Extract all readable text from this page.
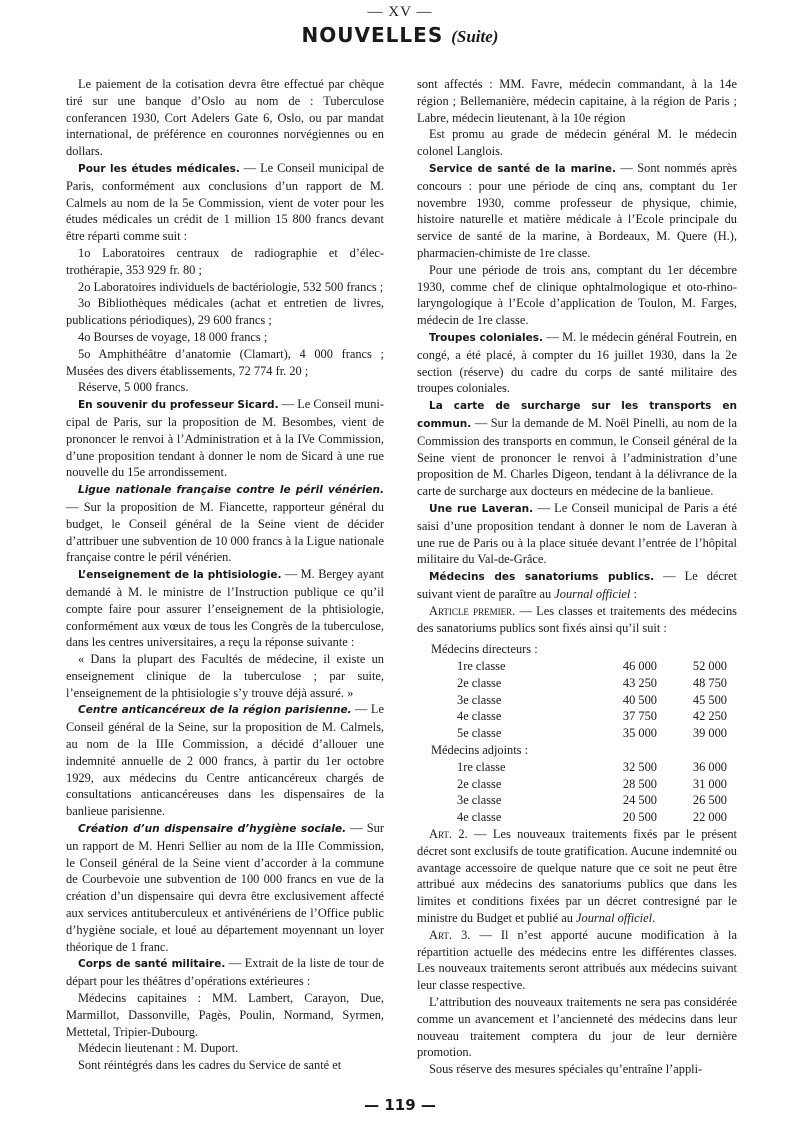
— XV —
NOUVELLES (Suite)

Le paiement de la cotisation devra être effectué par chèque tiré sur une banque d’Oslo au nom de : Tuberculose conferancen 1930, Cort Adelers Gate 6, Oslo, ou par mandat international, de préférence en couronnes norvégiennes ou en dollars.

Pour les études médicales. — Le Conseil municipal de Paris, conformément aux conclusions d’un rapport de M. Calmels au nom de la 5e Commission, vient de voter pour les études médicales un crédit de 1 million 15 800 francs devant être réparti comme suit :

1o Laboratoires centraux de radiographie et d’électrothérapie, 353 929 fr. 80 ;

2o Laboratoires individuels de bactériologie, 532 500 francs ;

3o Bibliothèques médicales (achat et entretien de livres, publications périodiques), 29 600 francs ;

4o Bourses de voyage, 18 000 francs ;

5o Amphithéâtre d’anatomie (Clamart), 4 000 francs ; Musées des divers établissements, 72 774 fr. 20 ;

Réserve, 5 000 francs.

En souvenir du professeur Sicard. — Le Conseil municipal de Paris, sur la proposition de M. Besombes, vient de prononcer le renvoi à l’Administration et à la IVe Commission, d’une proposition tendant à donner le nom de Sicard à une rue nouvelle du 15e arrondissement.

Ligue nationale française contre le péril vénérien. — Sur la proposition de M. Fiancette, rapporteur général du budget, le Conseil général de la Seine vient de décider d’attribuer une subvention de 10 000 francs à la Ligue nationale française contre le péril vénérien.

L’enseignement de la phtisiologie. — M. Bergey ayant demandé à M. le ministre de l’Instruction publique ce qu’il compte faire pour assurer l’enseignement de la phtisiologie, conformément aux vœux de tous les Congrès de la tuberculose, dans les centres universitaires, a reçu la réponse suivante :

« Dans la plupart des Facultés de médecine, il existe un enseignement clinique de la tuberculose ; par suite, l’enseignement de la phtisiologie s’y trouve déjà assuré. »

Centre anticancéreux de la région parisienne. — Le Conseil général de la Seine, sur la proposition de M. Calmels, au nom de la IIIe Commission, a décidé d’allouer une indemnité annuelle de 2 000 francs, à partir du 1er octobre 1929, aux médecins du Centre anticancéreux chargés de consultations anticancéreuses dans les dispensaires de la banlieue parisienne.

Création d’un dispensaire d’hygiène sociale. — Sur un rapport de M. Henri Sellier au nom de la IIIe Commission, le Conseil général de la Seine vient d’accorder à la commune de Courbevoie une subvention de 100 000 francs en vue de la création d’un dispensaire qui devra être exclusivement affecté aux services antituberculeux et antivénériens de l’Office public d’hygiène sociale, et loué au département moyennant un loyer théorique de 1 franc.

Corps de santé militaire. — Extrait de la liste de tour de départ pour les théâtres d’opérations extérieures :

Médecins capitaines : MM. Lambert, Carayon, Due, Marmillot, Dassonville, Pagès, Poulin, Normand, Syrmen, Mettetal, Tripier-Dubourg.

Médecin lieutenant : M. Duport.

Sont réintégrés dans les cadres du Service de santé et

sont affectés : MM. Favre, médecin commandant, à la 14e région ; Bellemanière, médecin capitaine, à la région de Paris ; Labre, médecin lieutenant, à la 10e région

Est promu au grade de médecin général M. le médecin colonel Langlois.

Service de santé de la marine. — Sont nommés après concours : pour une période de cinq ans, comptant du 1er novembre 1930, comme professeur de physique, chimie, histoire naturelle et matière médicale à l’Ecole principale du service de santé de la marine, à Bordeaux, M. Quere (H.), pharmacien-chimiste de 1re classe.

Pour une période de trois ans, comptant du 1er décembre 1930, comme chef de clinique ophtalmologique et oto-rhino-laryngologique à l’Ecole d’application de Toulon, M. Farges, médecin de 1re classe.

Troupes coloniales. — M. le médecin général Foutrein, en congé, a été placé, à compter du 16 juillet 1930, dans la 2e section (réserve) du cadre du corps de santé militaire des troupes coloniales.

La carte de surcharge sur les transports en commun. — Sur la demande de M. Noël Pinelli, au nom de la Commission des transports en commun, le Conseil général de la Seine vient de prononcer le renvoi à l’administration d’une proposition de M. Charles Digeon, tendant à la délivrance de la carte de surcharge aux docteurs en médecine de la banlieue.

Une rue Laveran. — Le Conseil municipal de Paris a été saisi d’une proposition tendant à donner le nom de Laveran à une rue de Paris ou à la place située devant l’entrée de l’hôpital militaire du Val-de-Grâce.

Médecins des sanatoriums publics. — Le décret suivant vient de paraître au Journal officiel :

Article premier. — Les classes et traitements des médecins des sanatoriums publics sont fixés ainsi qu’il suit :

Médecins directeurs :

1re classe	46 000	52 000
2e classe	43 250	48 750
3e classe	40 500	45 500
4e classe	37 750	42 250
5e classe	35 000	39 000

Médecins adjoints :

1re classe	32 500	36 000
2e classe	28 500	31 000
3e classe	24 500	26 500
4e classe	20 500	22 000

Art. 2. — Les nouveaux traitements fixés par le présent décret sont exclusifs de toute gratification. Aucune indemnité ou avantage accessoire de quelque nature que ce soit ne peut être attribué aux médecins des sanatoriums publics que dans les limites et conditions fixées par un décret contresigné par le ministre du Budget et publié au Journal officiel.

Art. 3. — Il n’est apporté aucune modification à la répartition actuelle des médecins entre les différentes classes. Les nouveaux traitements seront attribués aux médecins suivant leur classe respective.

L’attribution des nouveaux traitements ne sera pas considérée comme un avancement et l’ancienneté des médecins dans leur nouveau traitement comptera du jour de leur dernière promotion.

Sous réserve des mesures spéciales qu’entraîne l’appli-

— 119 —
